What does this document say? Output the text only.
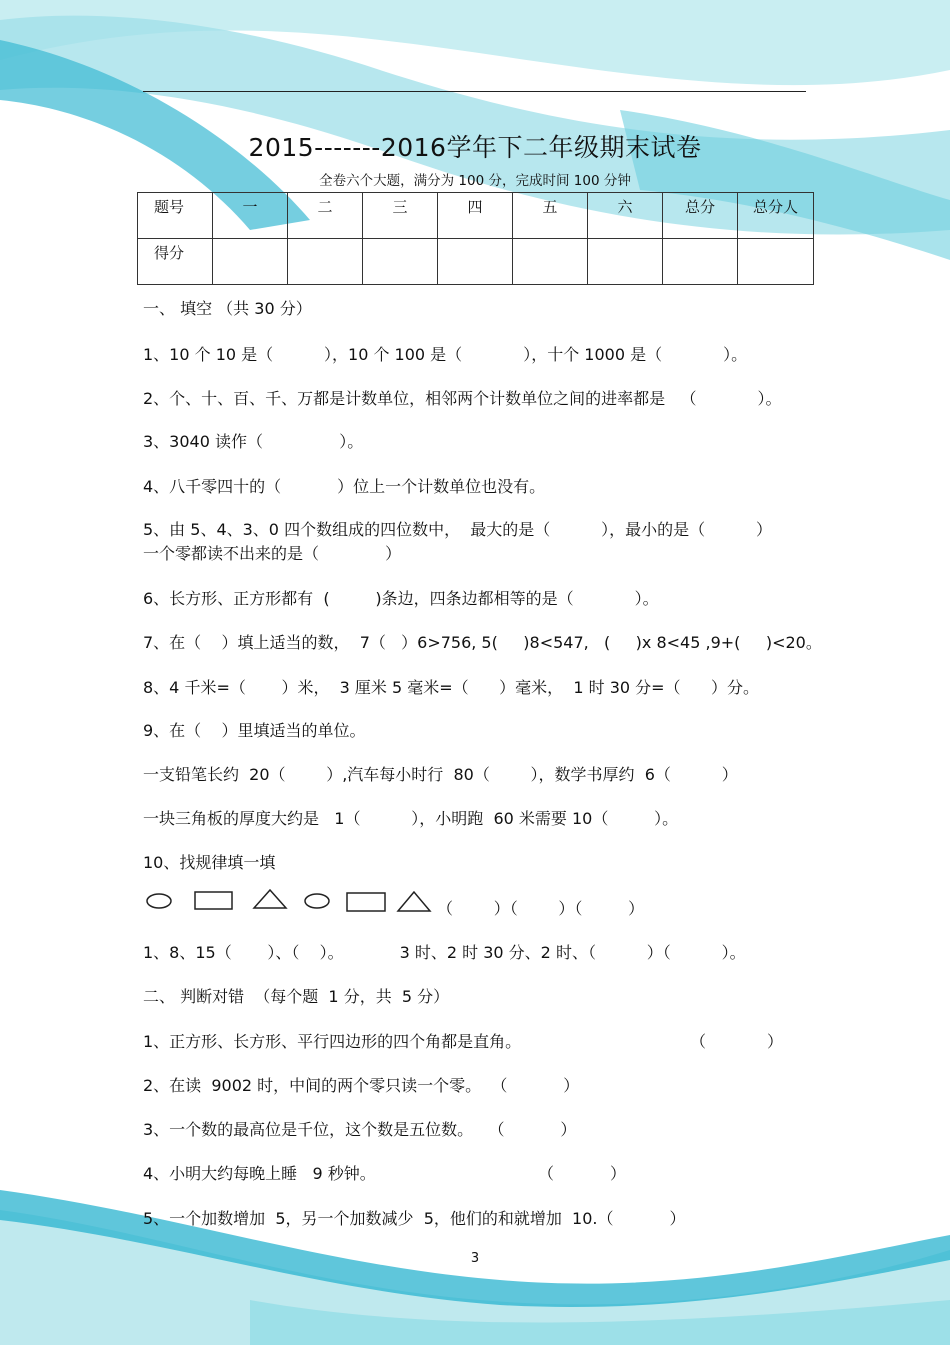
2015-------2016学年下二年级期末试卷
全卷六个大题，满分为 100 分，完成时间 100 分钟
题号	一	二	三	四	五	六	总分	总分人
得分								
一、 填空 （共 30 分）
1、10 个 10 是（          ），10 个 100 是（            ），十个 1000 是（            ）。
2、个、十、百、千、万都是计数单位，相邻两个计数单位之间的进率都是   （            ）。
3、3040 读作（               ）。
4、八千零四十的（           ）位上一个计数单位也没有。
5、由 5、4、3、0 四个数组成的四位数中，  最大的是（          ），最小的是（          ）
一个零都读不出来的是（             ）
6、长方形、正方形都有  (         )条边，四条边都相等的是（            ）。
7、在（    ）填上适当的数，  7（   ）6>756, 5(     )8<547,   (     )x 8<45 ,9+(     )<20。
8、4 千米=（       ）米，  3 厘米 5 毫米=（      ）毫米，  1 时 30 分=（      ）分。
9、在（    ）里填适当的单位。
一支铅笔长约  20（        ）,汽车每小时行  80（        ），数学书厚约  6（          ）
一块三角板的厚度大约是   1（          ），小明跑  60 米需要 10（         ）。
10、找规律填一填
（        ）（        ）（         ）
1、8、15（       ）、（    ）。           3 时、2 时 30 分、2 时、（          ）（          ）。
二、 判断对错  （每个题  1 分，共  5 分）
1、正方形、长方形、平行四边形的四个角都是直角。	（            ）
2、在读  9002 时，中间的两个零只读一个零。  （           ）
3、一个数的最高位是千位，这个数是五位数。   （           ）
4、小明大约每晚上睡   9 秒钟。	（           ）
5、一个加数增加  5，另一个加数减少  5，他们的和就增加  10.（           ）
3
